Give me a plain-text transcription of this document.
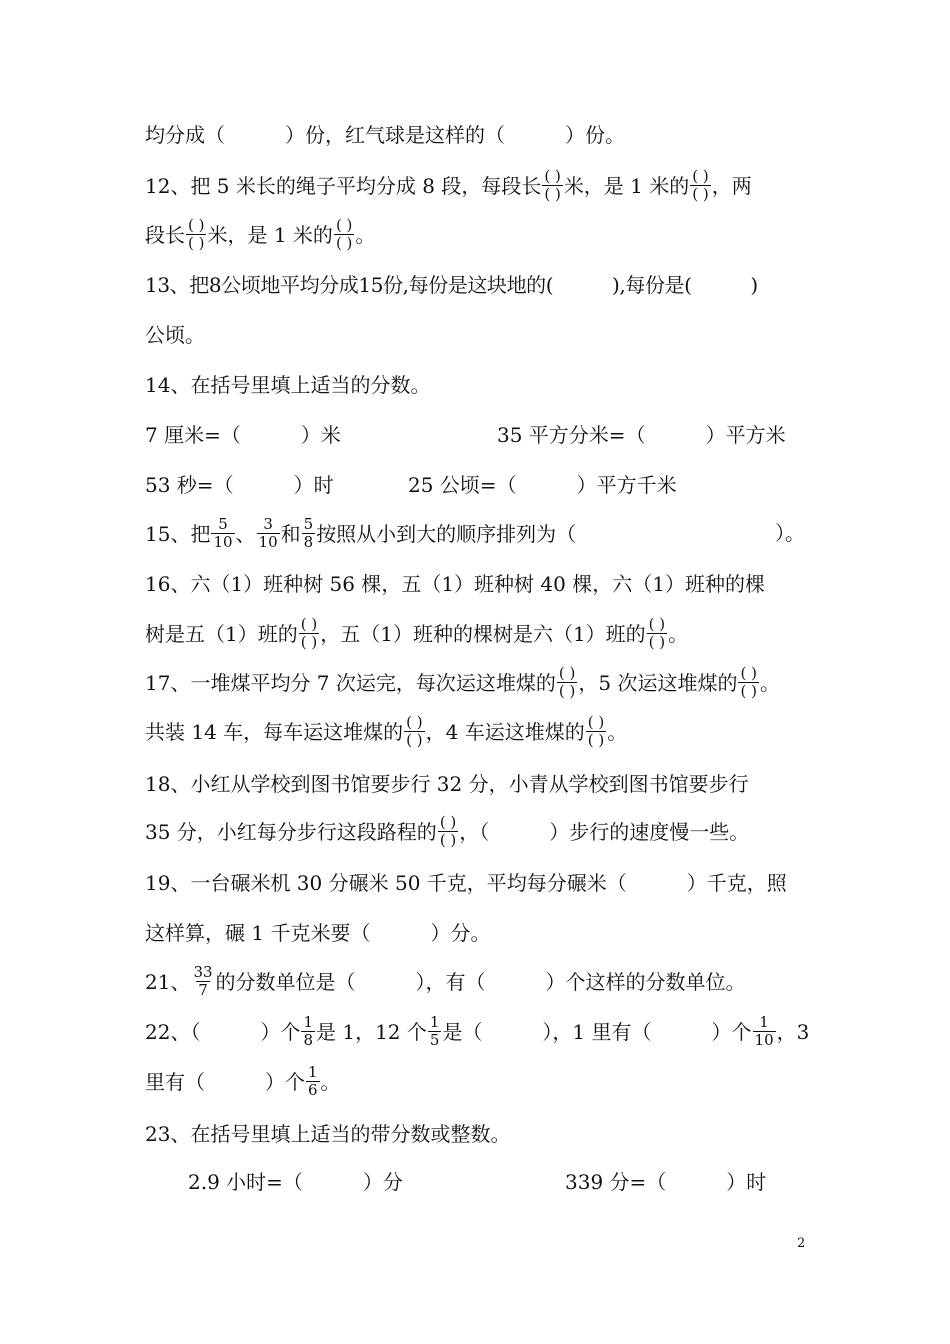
均分成（　　　）份，红气球是这样的（　　　）份。
12、把 5 米长的绳子平均分成 8 段，每段长 $\frac{( )}{( )}$ 米，是 1 米的 $\frac{( )}{( )}$ ，两
段长 $\frac{( )}{( )}$ 米，是 1 米的 $\frac{( )}{( )}$ 。
13、把8公顷地平均分成15份,每份是这块地的(　　　),每份是(　　　)
公顷。
14、在括号里填上适当的分数。
7 厘米=（　　　）米	35 平方分米=（　　　）平方米
53 秒=（　　　）时	25 公顷=（　　　）平方千米
15、把 $\frac{5}{10}$ 、 $\frac{3}{10}$ 和 $\frac{5}{8}$ 按照从小到大的顺序排列为（	）。
16、六（1）班种树 56 棵，五（1）班种树 40 棵，六（1）班种的棵
树是五（1）班的 $\frac{( )}{( )}$ ，五（1）班种的棵树是六（1）班的 $\frac{( )}{( )}$ 。
17、一堆煤平均分 7 次运完，每次运这堆煤的 $\frac{( )}{( )}$ ，5 次运这堆煤的 $\frac{( )}{( )}$ 。
共装 14 车，每车运这堆煤的 $\frac{( )}{( )}$ ，4 车运这堆煤的 $\frac{( )}{( )}$ 。
18、小红从学校到图书馆要步行 32 分，小青从学校到图书馆要步行
35 分，小红每分步行这段路程的 $\frac{( )}{( )}$ ，（　　　）步行的速度慢一些。
19、一台碾米机 30 分碾米 50 千克，平均每分碾米（　　　）千克，照
这样算，碾 1 千克米要（　　　）分。
21、 $\frac{33}{7}$ 的分数单位是（　　　），有（　　　）个这样的分数单位。
22、（　　　）个 $\frac{1}{8}$ 是 1，12 个 $\frac{1}{5}$ 是（　　　），1 里有（　　　）个 $\frac{1}{10}$ ，3
里有（　　　）个 $\frac{1}{6}$ 。
23、在括号里填上适当的带分数或整数。
2.9 小时=（　　　）分	339 分=（　　　）时
2
